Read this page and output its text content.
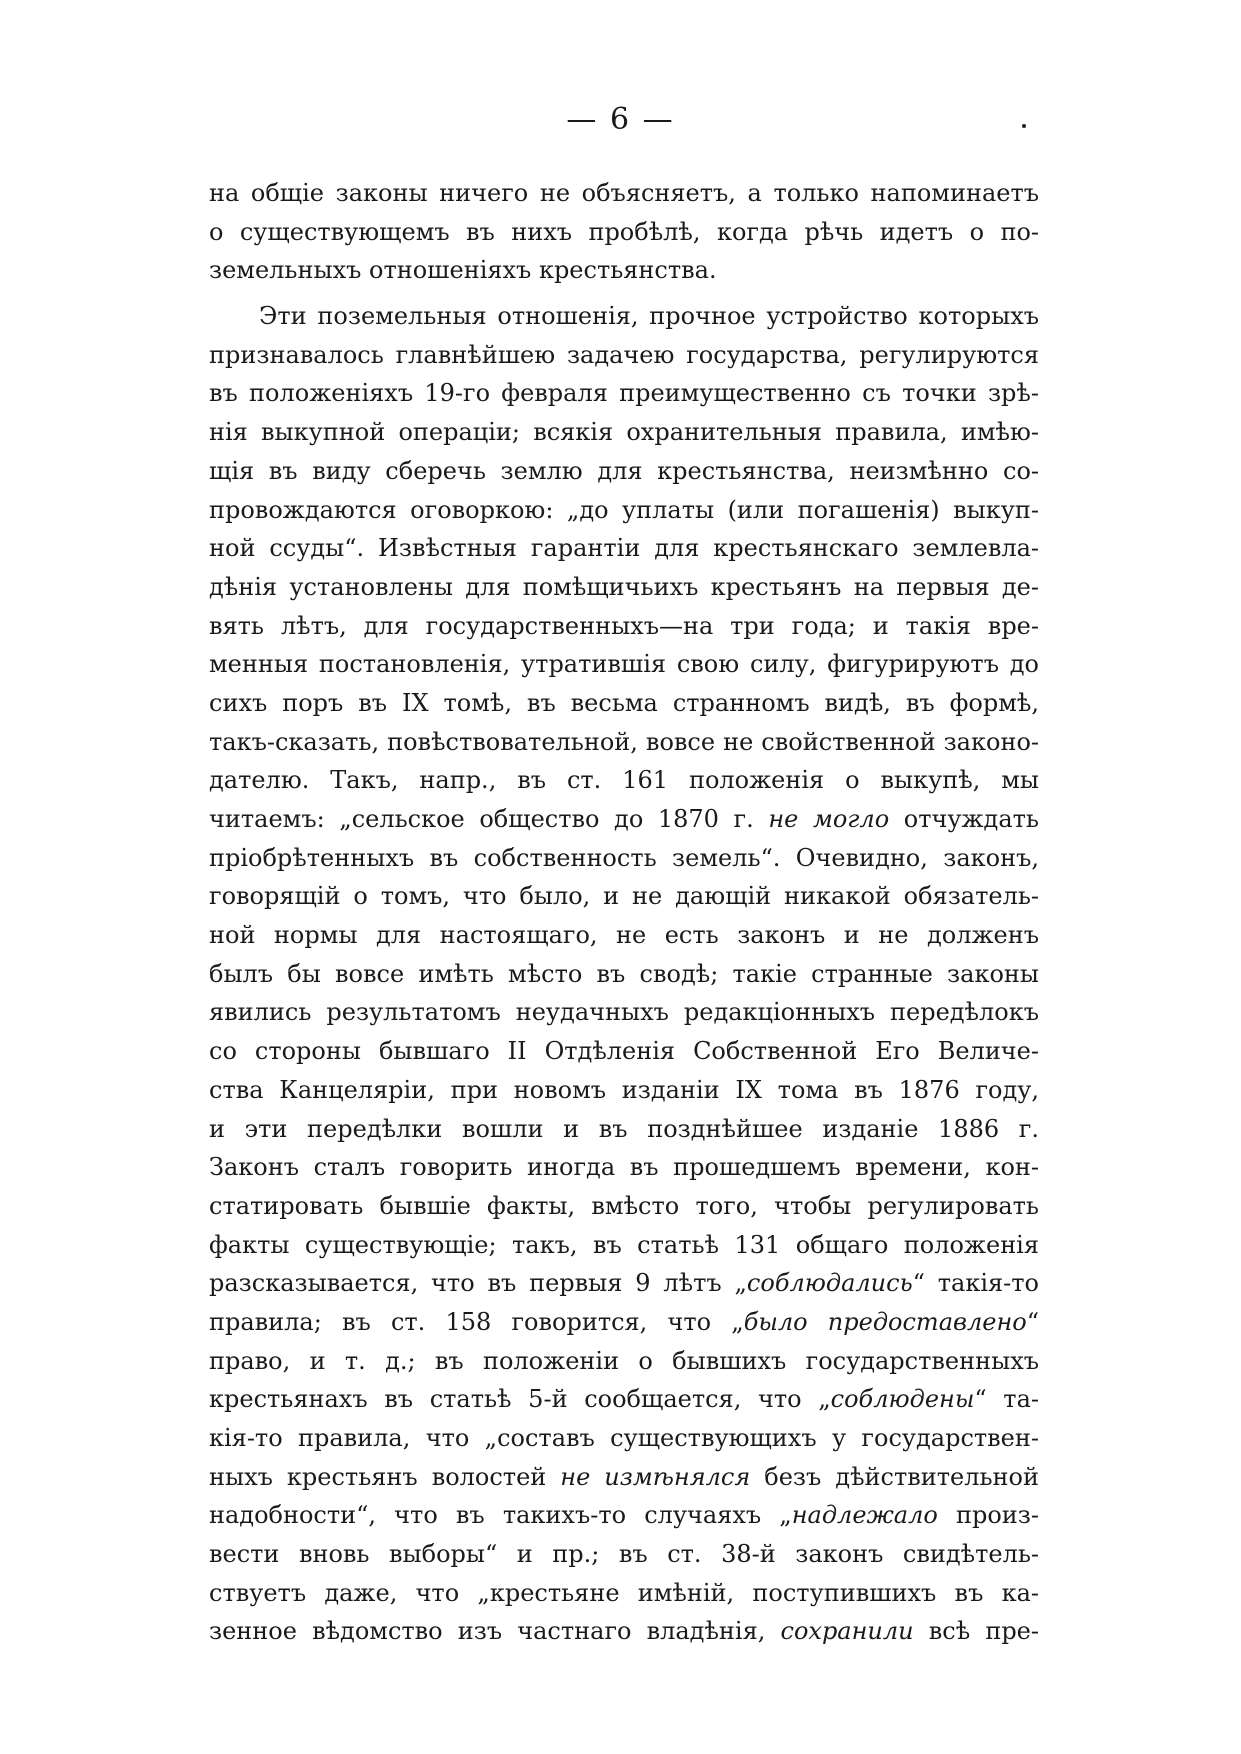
— 6 —
на общіе законы ничего не объясняетъ, а только напоминаетъ
о существующемъ въ нихъ пробѣлѣ, когда рѣчь идетъ о по-
земельныхъ отношеніяхъ крестьянства.
Эти поземельныя отношенія, прочное устройство которыхъ
признавалось главнѣйшею задачею государства, регулируются
въ положеніяхъ 19-го февраля преимущественно съ точки зрѣ-
нія выкупной операціи; всякія охранительныя правила, имѣю-
щія въ виду сберечь землю для крестьянства, неизмѣнно со-
провождаются оговоркою: „до уплаты (или погашенія) выкуп-
ной ссуды“. Извѣстныя гарантіи для крестьянскаго землевла-
дѣнія установлены для помѣщичьихъ крестьянъ на первыя де-
вять лѣтъ, для государственныхъ—на три года; и такія вре-
менныя постановленія, утратившія свою силу, фигурируютъ до
сихъ поръ въ IX томѣ, въ весьма странномъ видѣ, въ формѣ,
такъ-сказать, повѣствовательной, вовсе не свойственной законо-
дателю. Такъ, напр., въ ст. 161 положенія о выкупѣ, мы
читаемъ: „сельское общество до 1870 г. не могло отчуждать
пріобрѣтенныхъ въ собственность земель“. Очевидно, законъ,
говорящій о томъ, что было, и не дающій никакой обязатель-
ной нормы для настоящаго, не есть законъ и не долженъ
былъ бы вовсе имѣть мѣсто въ сводѣ; такіе странные законы
явились результатомъ неудачныхъ редакціонныхъ передѣлокъ
со стороны бывшаго II Отдѣленія Собственной Его Величе-
ства Канцеляріи, при новомъ изданіи IX тома въ 1876 году,
и эти передѣлки вошли и въ позднѣйшее изданіе 1886 г.
Законъ сталъ говорить иногда въ прошедшемъ времени, кон-
статировать бывшіе факты, вмѣсто того, чтобы регулировать
факты существующіе; такъ, въ статьѣ 131 общаго положенія
разсказывается, что въ первыя 9 лѣтъ „соблюдались“ такія-то
правила; въ ст. 158 говорится, что „было предоставлено“
право, и т. д.; въ положеніи о бывшихъ государственныхъ
крестьянахъ въ статьѣ 5-й сообщается, что „соблюдены“ та-
кія-то правила, что „составъ существующихъ у государствен-
ныхъ крестьянъ волостей не измѣнялся безъ дѣйствительной
надобности“, что въ такихъ-то случаяхъ „надлежало произ-
вести вновь выборы“ и пр.; въ ст. 38-й законъ свидѣтель-
ствуетъ даже, что „крестьяне имѣній, поступившихъ въ ка-
зенное вѣдомство изъ частнаго владѣнія, сохранили всѣ пре-
